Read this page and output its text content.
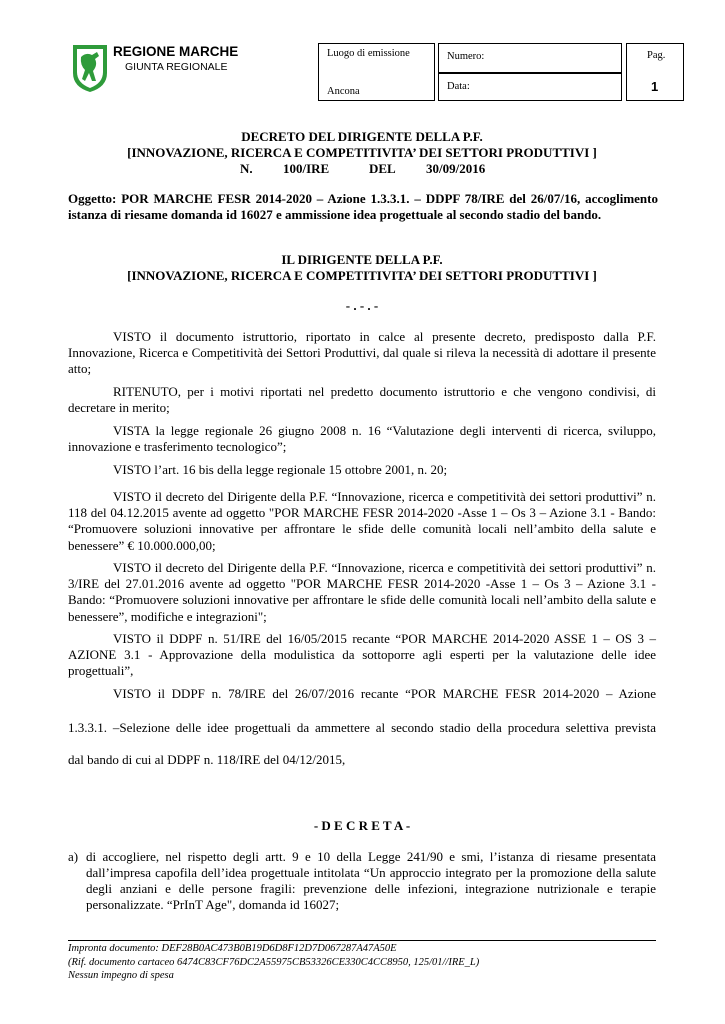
REGIONE MARCHE
GIUNTA REGIONALE
Luogo di emissione
Ancona
Numero:
Data:
Pag.
1
DECRETO DEL DIRIGENTE DELLA P.F.
[INNOVAZIONE, RICERCA E COMPETITIVITA’ DEI SETTORI PRODUTTIVI ]
N. 100/IRE	DEL 30/09/2016
Oggetto: POR MARCHE FESR 2014-2020 – Azione 1.3.3.1. – DDPF 78/IRE del 26/07/16, accoglimento istanza di riesame domanda id 16027 e ammissione idea progettuale al secondo stadio del bando.
IL DIRIGENTE DELLA P.F.
[INNOVAZIONE, RICERCA E COMPETITIVITA’ DEI SETTORI PRODUTTIVI ]
- . - . -
VISTO il documento istruttorio, riportato in calce al presente decreto, predisposto dalla P.F. Innovazione, Ricerca e Competitività dei Settori Produttivi, dal quale si rileva la necessità di adottare il presente atto;
RITENUTO, per i motivi riportati nel predetto documento istruttorio e che vengono condivisi, di decretare in merito;
VISTA la legge regionale 26 giugno 2008 n. 16 “Valutazione degli interventi di ricerca, sviluppo, innovazione e trasferimento tecnologico”;
VISTO l’art. 16 bis della legge regionale 15 ottobre 2001, n. 20;
VISTO il decreto del Dirigente della P.F. “Innovazione, ricerca e competitività dei settori produttivi” n. 118 del 04.12.2015 avente ad oggetto "POR MARCHE FESR 2014-2020 -Asse 1 – Os 3 – Azione 3.1 - Bando: “Promuovere soluzioni innovative per affrontare le sfide delle comunità locali nell’ambito della salute e benessere” € 10.000.000,00;
VISTO il decreto del Dirigente della P.F. “Innovazione, ricerca e competitività dei settori produttivi” n. 3/IRE del 27.01.2016 avente ad oggetto "POR MARCHE FESR 2014-2020 -Asse 1 – Os 3 – Azione 3.1 - Bando: “Promuovere soluzioni innovative per affrontare le sfide delle comunità locali nell’ambito della salute e benessere”, modifiche e integrazioni";
VISTO il DDPF n. 51/IRE del 16/05/2015 recante “POR MARCHE 2014-2020 ASSE 1 – OS 3 – AZIONE 3.1 - Approvazione della modulistica da sottoporre agli esperti per la valutazione delle idee progettuali”,
VISTO il DDPF n. 78/IRE del 26/07/2016 recante “POR MARCHE FESR 2014-2020 – Azione
1.3.3.1. –Selezione delle idee progettuali da ammettere al secondo stadio della procedura selettiva prevista
dal bando di cui al DDPF n. 118/IRE del 04/12/2015,
- D E C R E T A -
a) di accogliere, nel rispetto degli artt. 9 e 10 della Legge 241/90 e smi, l’istanza di riesame presentata dall’impresa capofila dell’idea progettuale intitolata “Un approccio integrato per la promozione della salute degli anziani e delle persone fragili: prevenzione delle infezioni, integrazione nutrizionale e terapie personalizzate. “PrInT Age", domanda id 16027;
Impronta documento: DEF28B0AC473B0B19D6D8F12D7D067287A47A50E
(Rif. documento cartaceo 6474C83CF76DC2A55975CB53326CE330C4CC8950, 125/01//IRE_L)
Nessun impegno di spesa
